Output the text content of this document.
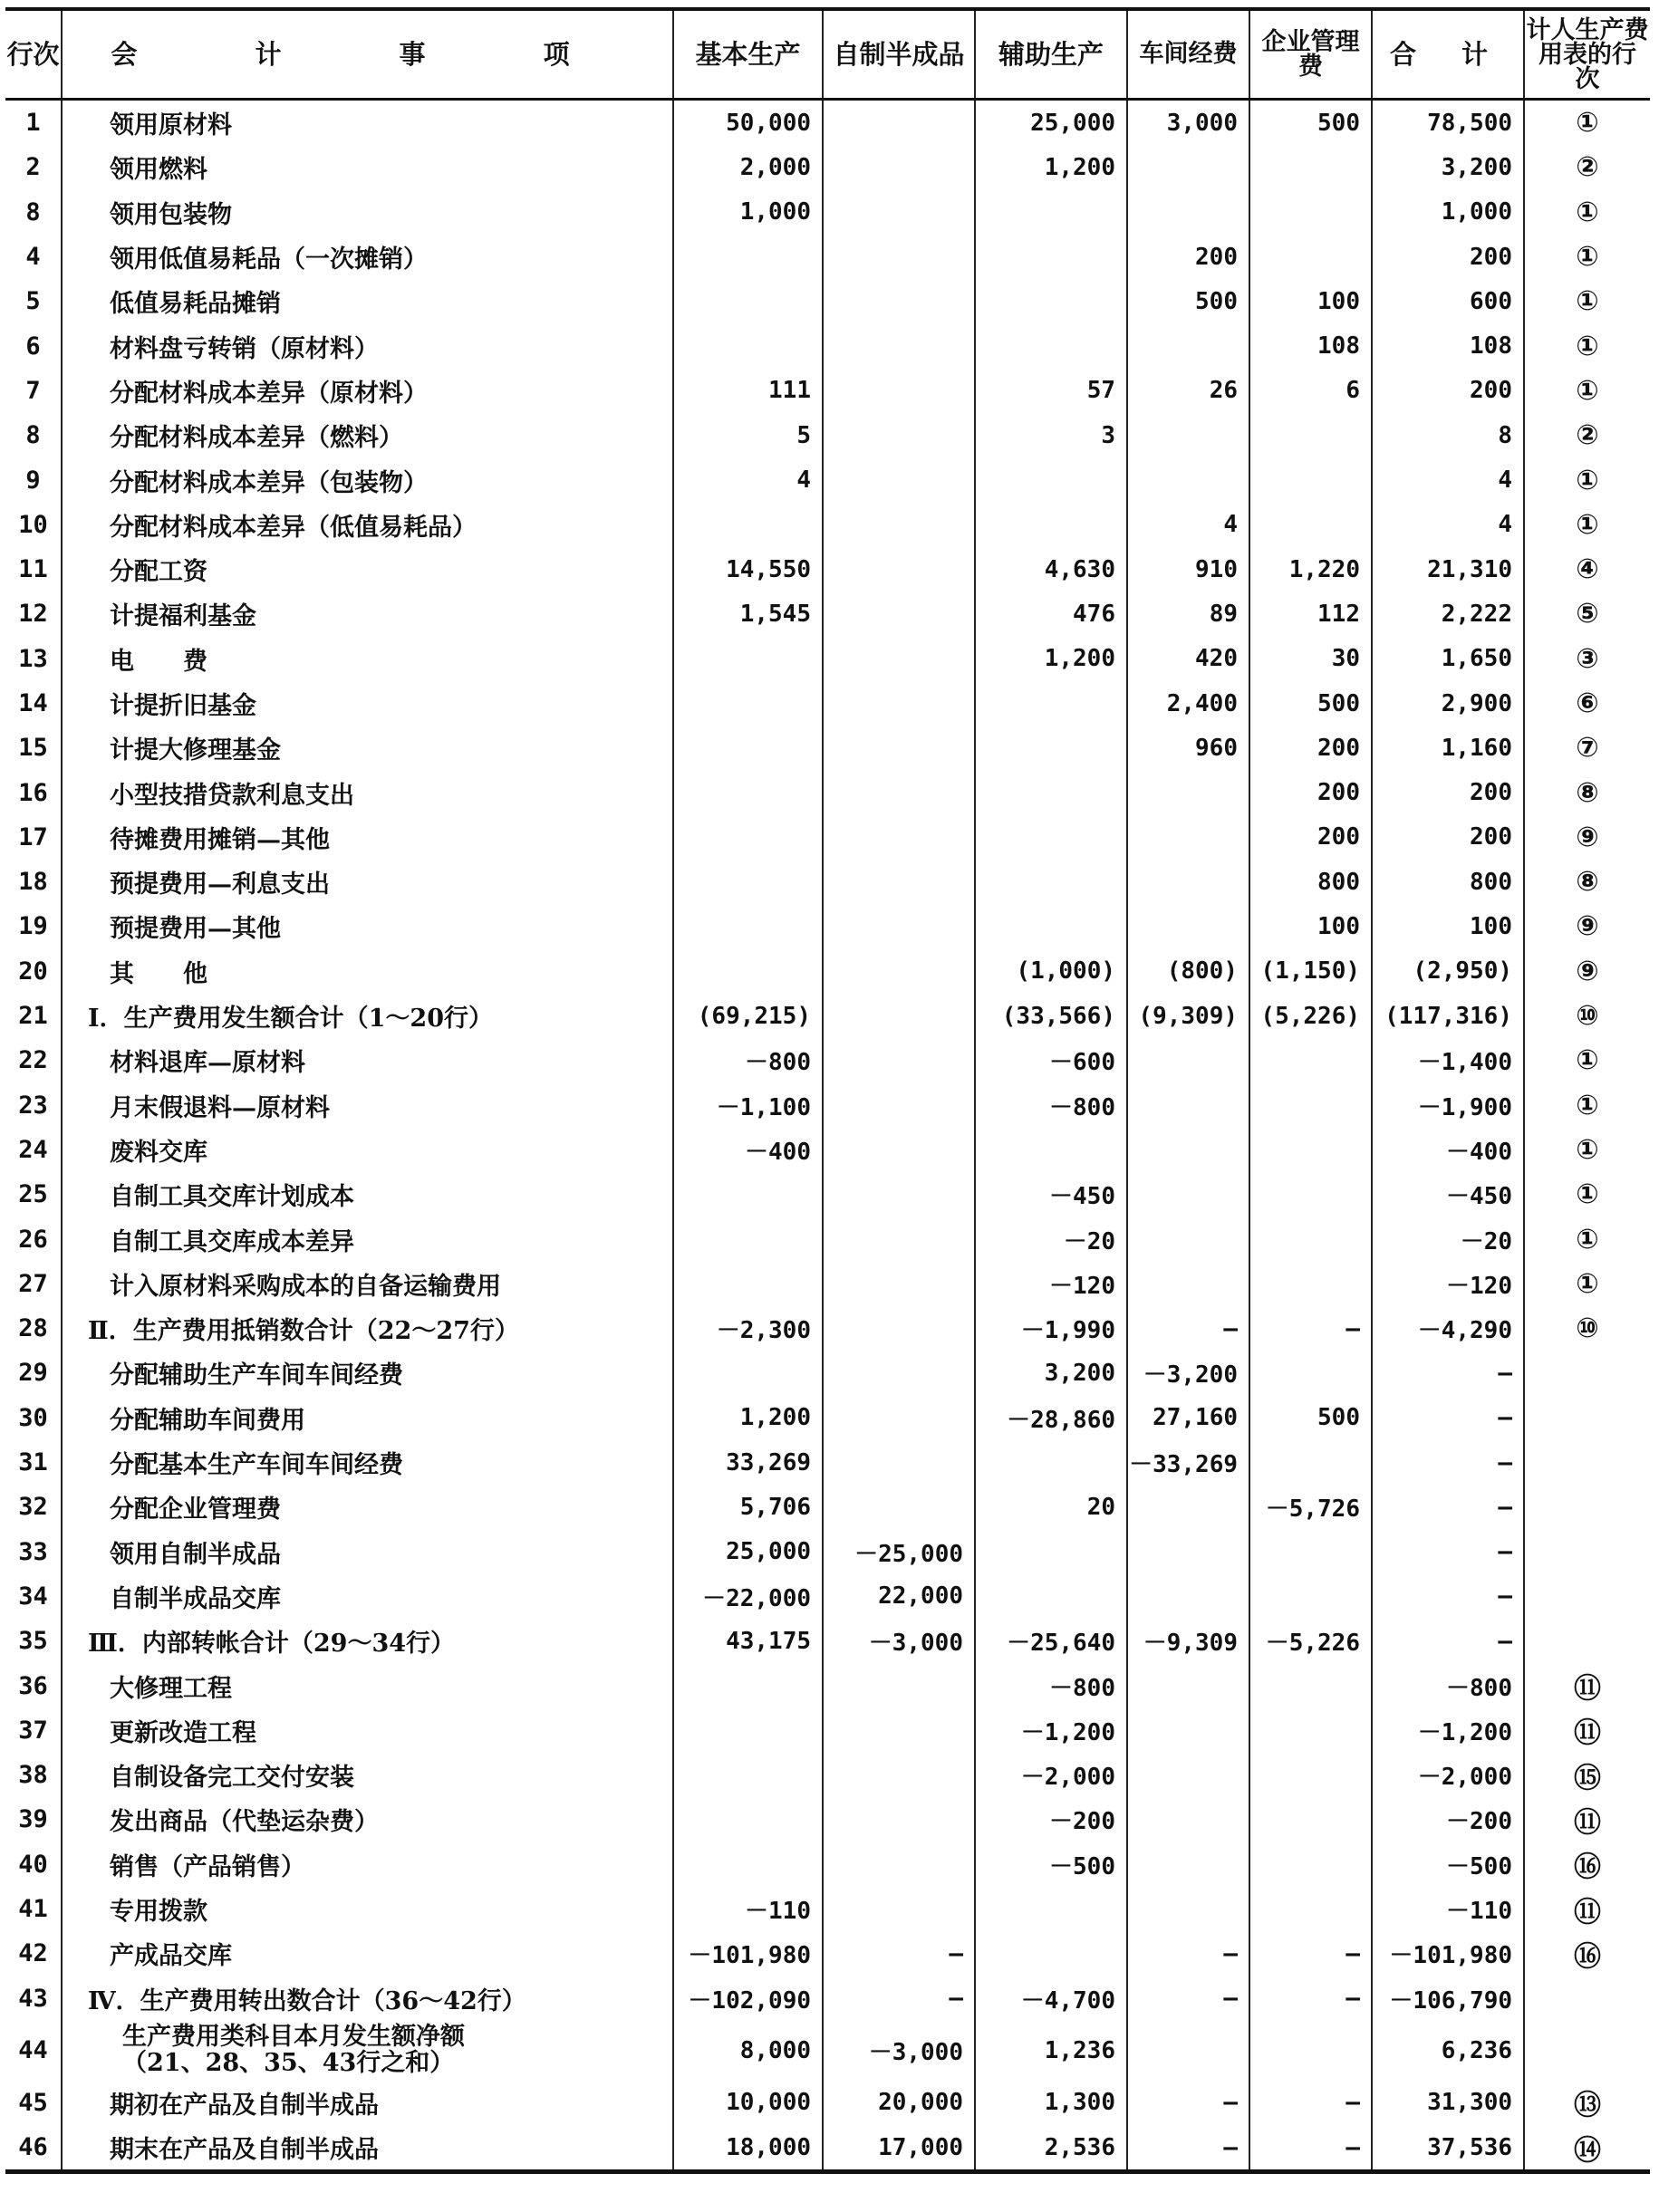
行次	会 计 事 项	基本生产	自制半成品	辅助生产	车间经费	企业管理费	合 计	计人生产费用表的行 次
1	领用原材料	50,000		25,000	3,000	500	78,500	①
2	领用燃料	2,000		1,200			3,200	②
8	领用包装物	1,000					1,000	①
4	领用低值易耗品（一次摊销）				200		200	①
5	低值易耗品摊销				500	100	600	①
6	材料盘亏转销（原材料）					108	108	①
7	分配材料成本差异（原材料）	111		57	26	6	200	①
8	分配材料成本差异（燃料）	5		3			8	②
9	分配材料成本差异（包装物）	4					4	①
10	分配材料成本差异（低值易耗品）				4		4	①
11	分配工资	14,550		4,630	910	1,220	21,310	④
12	计提福利基金	1,545		476	89	112	2,222	⑤
13	电　　费			1,200	420	30	1,650	③
14	计提折旧基金				2,400	500	2,900	⑥
15	计提大修理基金				960	200	1,160	⑦
16	小型技措贷款利息支出					200	200	⑧
17	待摊费用摊销—其他					200	200	⑨
18	预提费用—利息支出					800	800	⑧
19	预提费用—其他					100	100	⑨
20	其　　他			(1,000)	(800)	(1,150)	(2,950)	⑨
21	Ⅰ．生产费用发生额合计（1～20行）	(69,215)		(33,566)	(9,309)	(5,226)	(117,316)	⑩
22	材料退库—原材料	－800		－600			－1,400	①
23	月末假退料—原材料	－1,100		－800			－1,900	①
24	废料交库	－400					－400	①
25	自制工具交库计划成本			－450			－450	①
26	自制工具交库成本差异			－20			－20	①
27	计入原材料采购成本的自备运输费用			－120			－120	①
28	Ⅱ．生产费用抵销数合计（22～27行）	－2,300		－1,990	—	—	－4,290	⑩
29	分配辅助生产车间车间经费			3,200	－3,200		—	
30	分配辅助车间费用	1,200		－28,860	27,160	500	—	
31	分配基本生产车间车间经费	33,269			－33,269		—	
32	分配企业管理费	5,706		20		－5,726	—	
33	领用自制半成品	25,000	－25,000				—	
34	自制半成品交库	－22,000	22,000				—	
35	Ⅲ．内部转帐合计（29～34行）	43,175	－3,000	－25,640	－9,309	－5,226	—	
36	大修理工程			－800			－800	⑪
37	更新改造工程			－1,200			－1,200	⑪
38	自制设备完工交付安装			－2,000			－2,000	⑮
39	发出商品（代垫运杂费）			－200			－200	⑪
40	销售（产品销售）			－500			－500	⑯
41	专用拨款	－110					－110	⑪
42	产成品交库	－101,980	—		—	—	－101,980	⑯
43	Ⅳ．生产费用转出数合计（36～42行）	－102,090	—	－4,700	—	—	－106,790	
44	生产费用类科目本月发生额净额
（21、28、35、43行之和）	8,000	－3,000	1,236			6,236	
45	期初在产品及自制半成品	10,000	20,000	1,300	—	—	31,300	⑬
46	期末在产品及自制半成品	18,000	17,000	2,536	—	—	37,536	⑭
